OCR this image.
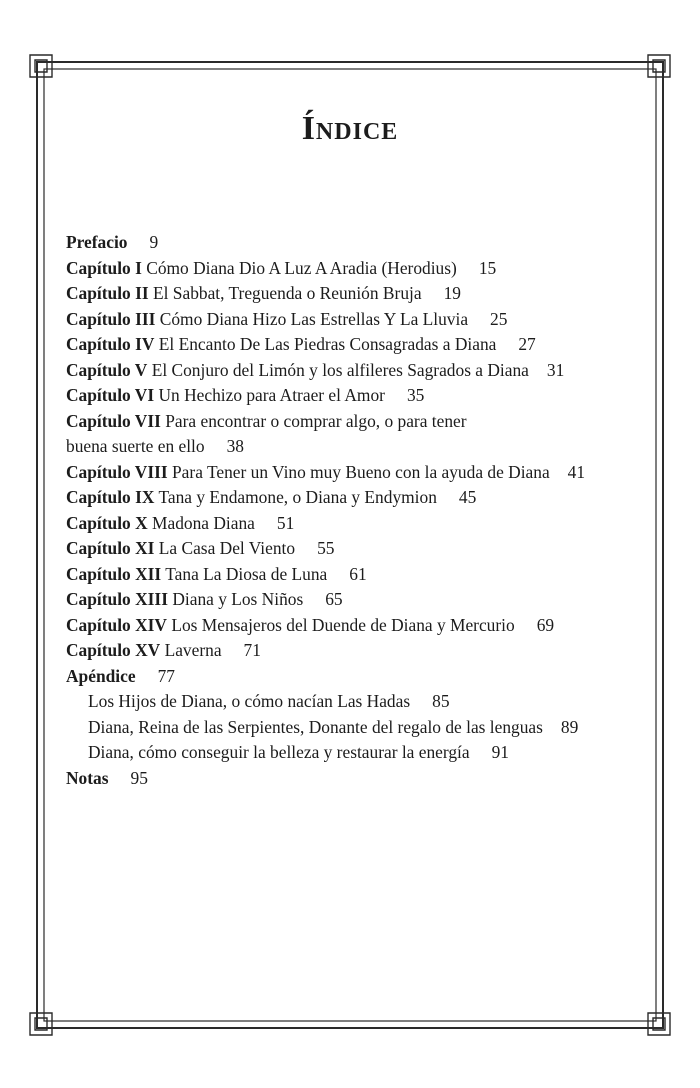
Índice
Prefacio 9
Capítulo I Cómo Diana Dio A Luz A Aradia (Herodius) 15
Capítulo II El Sabbat, Treguenda o Reunión Bruja 19
Capítulo III Cómo Diana Hizo Las Estrellas Y La Lluvia 25
Capítulo IV El Encanto De Las Piedras Consagradas a Diana 27
Capítulo V El Conjuro del Limón y los alfileres Sagrados a Diana 31
Capítulo VI Un Hechizo para Atraer el Amor 35
Capítulo VII Para encontrar o comprar algo, o para tener
buena suerte en ello 38
Capítulo VIII Para Tener un Vino muy Bueno con la ayuda de Diana 41
Capítulo IX Tana y Endamone, o Diana y Endymion 45
Capítulo X Madona Diana 51
Capítulo XI La Casa Del Viento 55
Capítulo XII Tana La Diosa de Luna 61
Capítulo XIII Diana y Los Niños 65
Capítulo XIV Los Mensajeros del Duende de Diana y Mercurio 69
Capítulo XV Laverna 71
Apéndice 77
Los Hijos de Diana, o cómo nacían Las Hadas 85
Diana, Reina de las Serpientes, Donante del regalo de las lenguas 89
Diana, cómo conseguir la belleza y restaurar la energía 91
Notas 95
